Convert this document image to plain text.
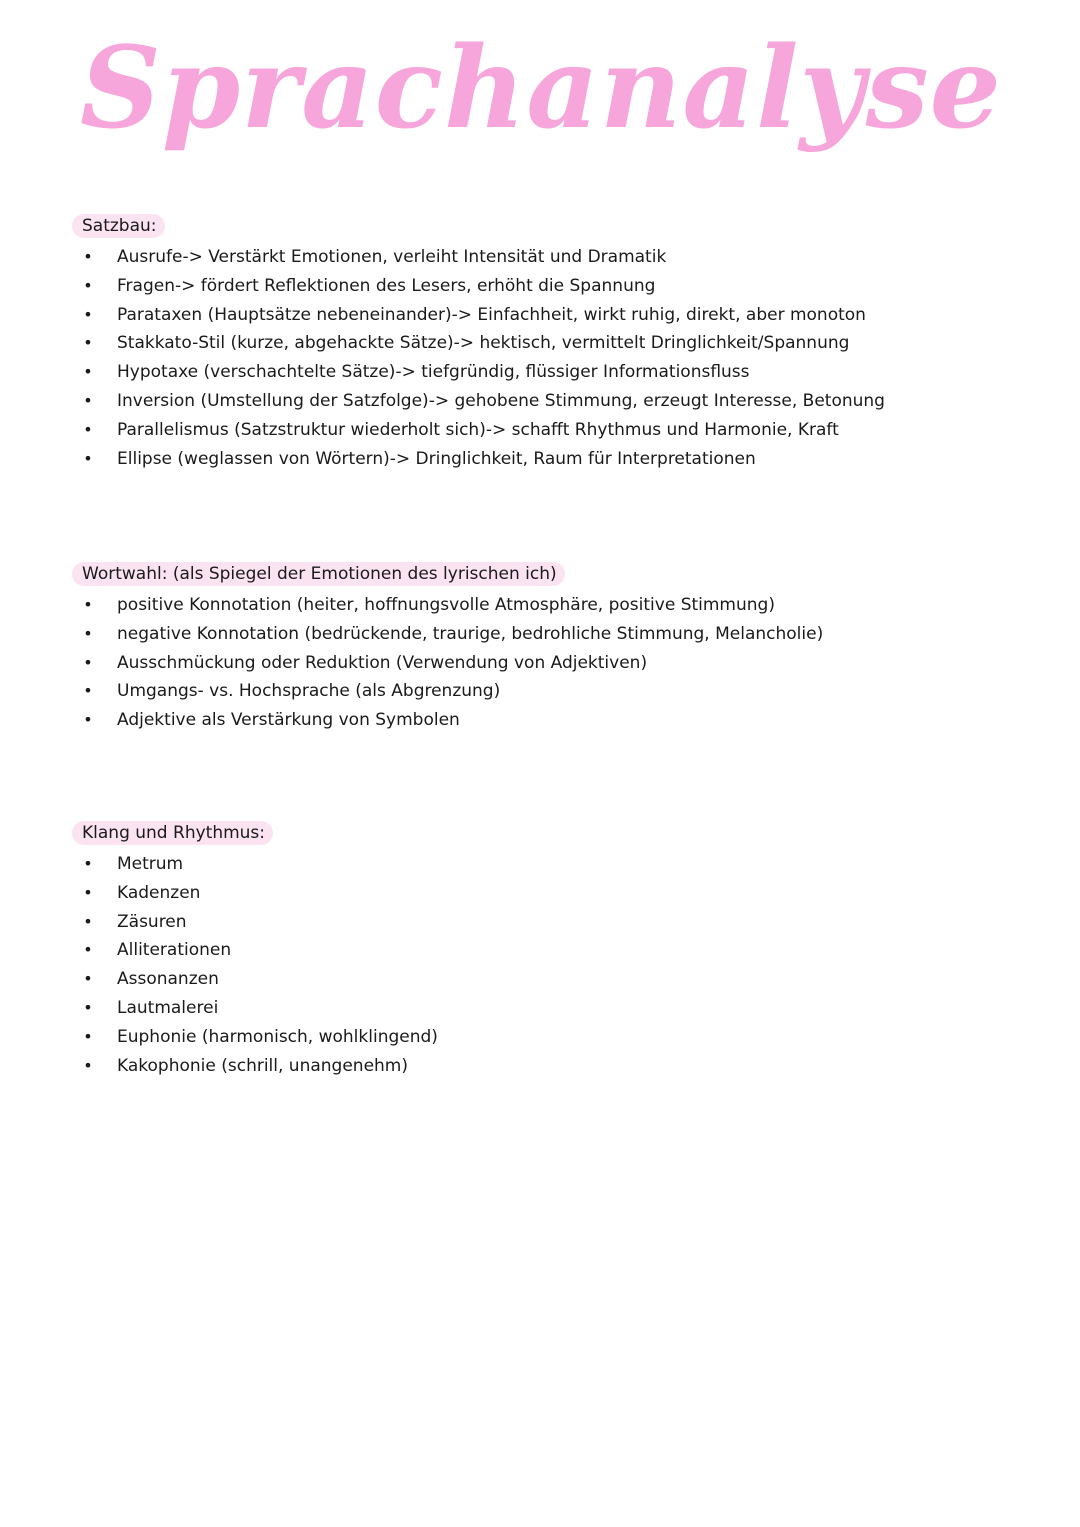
Sprachanalyse
Satzbau:
• Ausrufe-> Verstärkt Emotionen, verleiht Intensität und Dramatik
• Fragen-> fördert Reflektionen des Lesers, erhöht die Spannung
• Parataxen (Hauptsätze nebeneinander)-> Einfachheit, wirkt ruhig, direkt, aber monoton
• Stakkato-Stil (kurze, abgehackte Sätze)-> hektisch, vermittelt Dringlichkeit/Spannung
• Hypotaxe (verschachtelte Sätze)-> tiefgründig, flüssiger Informationsfluss
• Inversion (Umstellung der Satzfolge)-> gehobene Stimmung, erzeugt Interesse, Betonung
• Parallelismus (Satzstruktur wiederholt sich)-> schafft Rhythmus und Harmonie, Kraft
• Ellipse (weglassen von Wörtern)-> Dringlichkeit, Raum für Interpretationen
Wortwahl: (als Spiegel der Emotionen des lyrischen ich)
• positive Konnotation (heiter, hoffnungsvolle Atmosphäre, positive Stimmung)
• negative Konnotation (bedrückende, traurige, bedrohliche Stimmung, Melancholie)
• Ausschmückung oder Reduktion (Verwendung von Adjektiven)
• Umgangs- vs. Hochsprache (als Abgrenzung)
• Adjektive als Verstärkung von Symbolen
Klang und Rhythmus:
• Metrum
• Kadenzen
• Zäsuren
• Alliterationen
• Assonanzen
• Lautmalerei
• Euphonie (harmonisch, wohlklingend)
• Kakophonie (schrill, unangenehm)
